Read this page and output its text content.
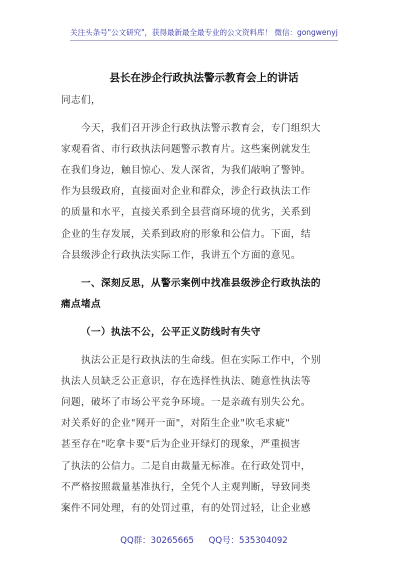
关注头条号"公文研究"，获得最新最全最专业的公文资料库！ 微信：gongwenyj
县长在涉企行政执法警示教育会上的讲话
同志们，
今天，我们召开涉企行政执法警示教育会，专门组织大
家观看省、市行政执法问题警示教育片。这些案例就发生
在我们身边，触目惊心、发人深省，为我们敲响了警钟。
作为县级政府，直接面对企业和群众，涉企行政执法工作
的质量和水平，直接关系到全县营商环境的优劣，关系到
企业的生存发展，关系到政府的形象和公信力。下面，结
合县级涉企行政执法实际工作，我讲五个方面的意见。
一、深刻反思，从警示案例中找准县级涉企行政执法的
痛点堵点
（一）执法不公，公平正义防线时有失守
执法公正是行政执法的生命线。但在实际工作中，个别
执法人员缺乏公正意识，存在选择性执法、随意性执法等
问题，破坏了市场公平竞争环境。一是亲疏有别失公允。
对关系好的企业"网开一面"，对陌生企业"吹毛求疵"
甚至存在"吃拿卡要"后为企业开绿灯的现象，严重损害
了执法的公信力。二是自由裁量无标准。在行政处罚中，
不严格按照裁量基准执行，全凭个人主观判断，导致同类
案件不同处理，有的处罚过重，有的处罚过轻，让企业感
QQ群：30265665 QQ号：535304092
